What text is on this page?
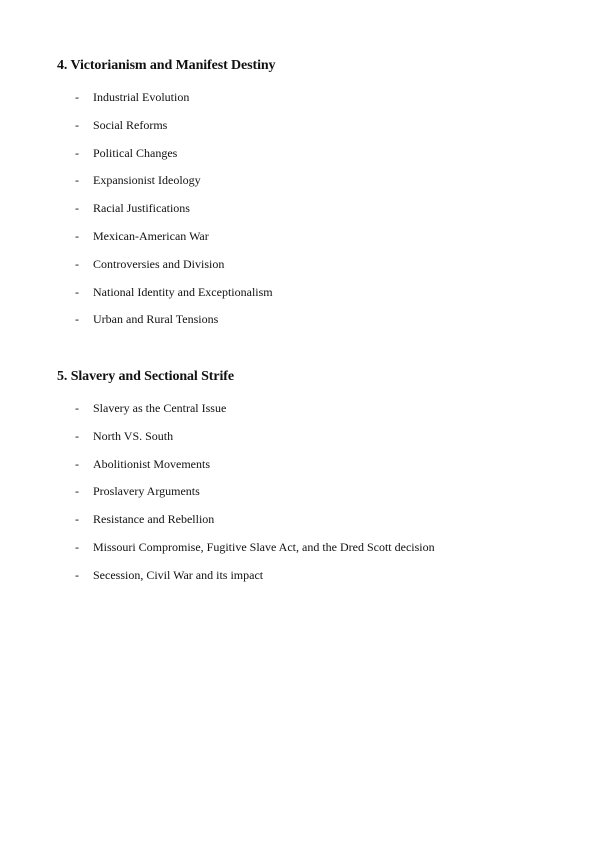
4. Victorianism and Manifest Destiny
- Industrial Evolution
- Social Reforms
- Political Changes
- Expansionist Ideology
- Racial Justifications
- Mexican-American War
- Controversies and Division
- National Identity and Exceptionalism
- Urban and Rural Tensions
5. Slavery and Sectional Strife
- Slavery as the Central Issue
- North VS. South
- Abolitionist Movements
- Proslavery Arguments
- Resistance and Rebellion
- Missouri Compromise, Fugitive Slave Act, and the Dred Scott decision
- Secession, Civil War and its impact
